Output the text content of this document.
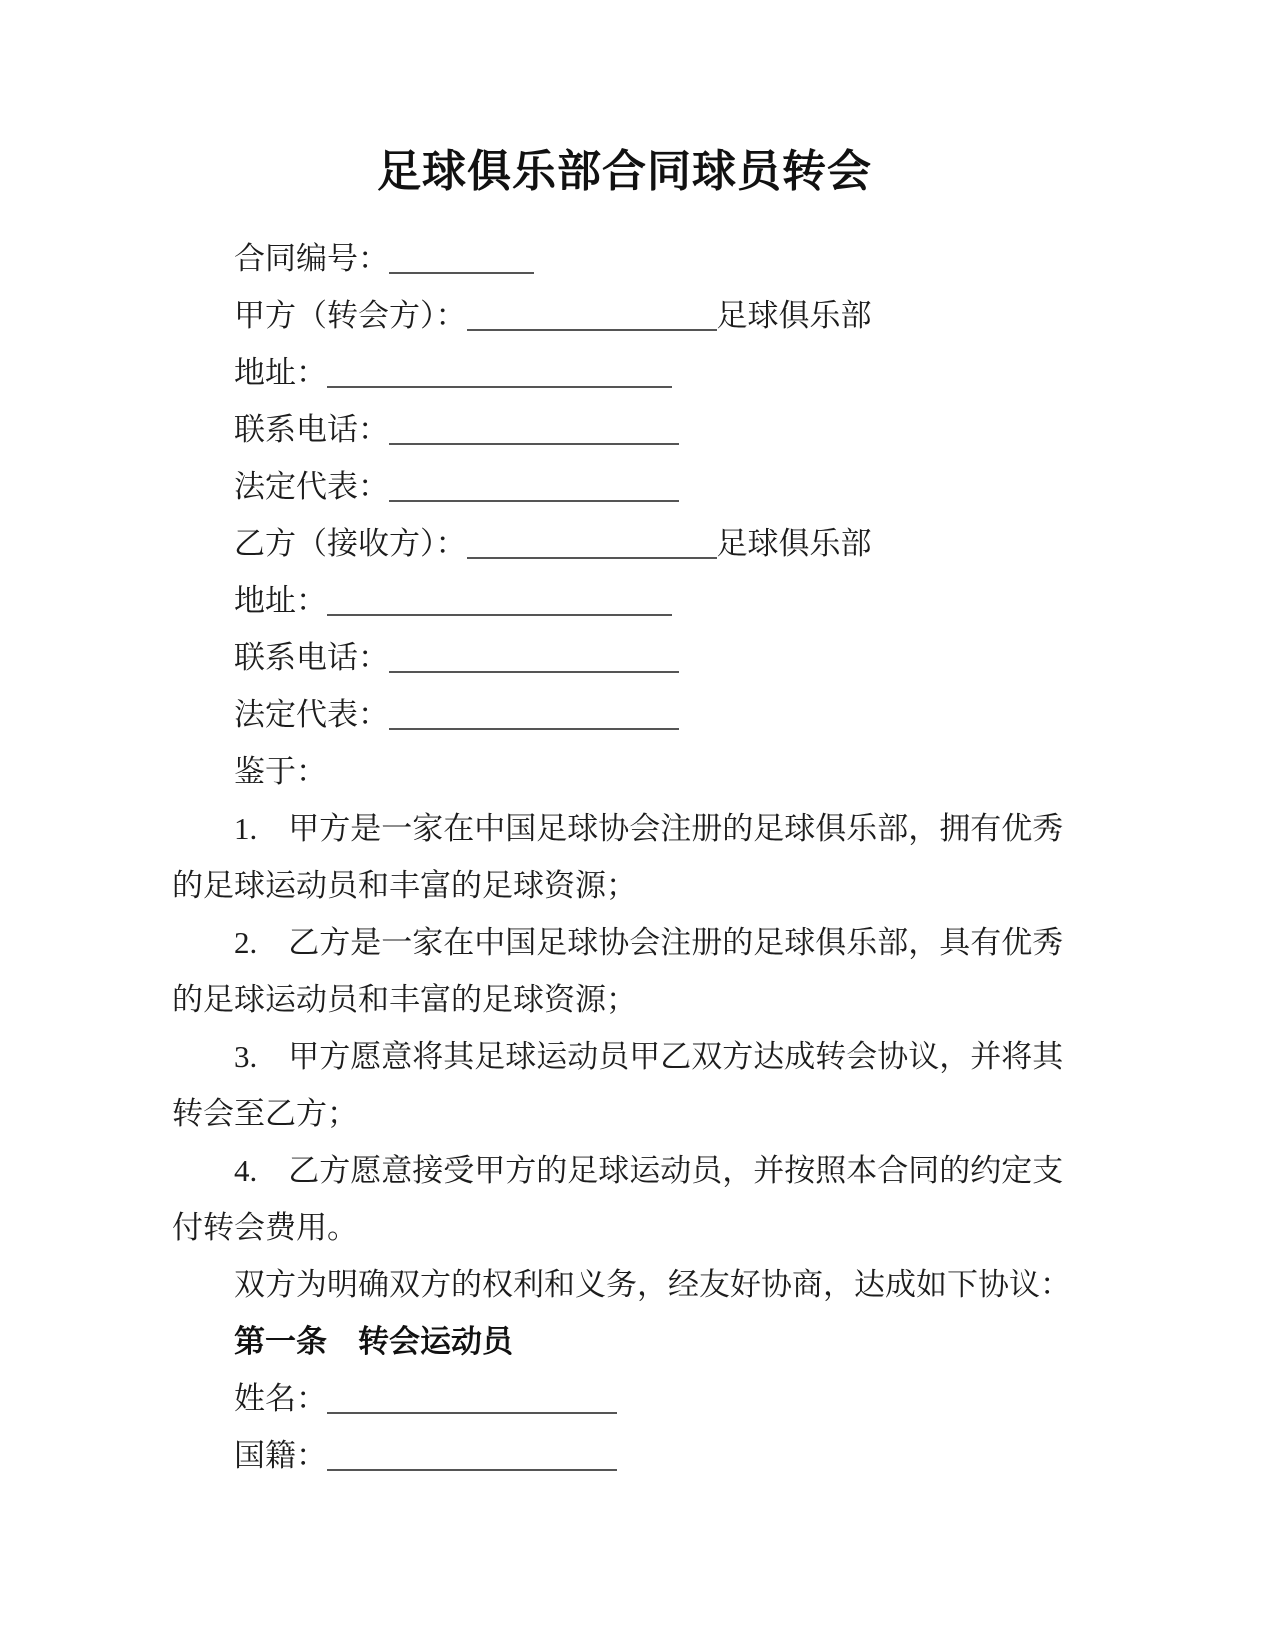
足球俱乐部合同球员转会

合同编号：

甲方（转会方）：	足球俱乐部

地址：

联系电话：

法定代表：

乙方（接收方）：	足球俱乐部

地址：

联系电话：

法定代表：

鉴于：

1.　甲方是一家在中国足球协会注册的足球俱乐部，拥有优秀的足球运动员和丰富的足球资源；

2.　乙方是一家在中国足球协会注册的足球俱乐部，具有优秀的足球运动员和丰富的足球资源；

3.　甲方愿意将其足球运动员甲乙双方达成转会协议，并将其转会至乙方；

4.　乙方愿意接受甲方的足球运动员，并按照本合同的约定支付转会费用。

双方为明确双方的权利和义务，经友好协商，达成如下协议：

第一条　转会运动员

姓名：

国籍：
